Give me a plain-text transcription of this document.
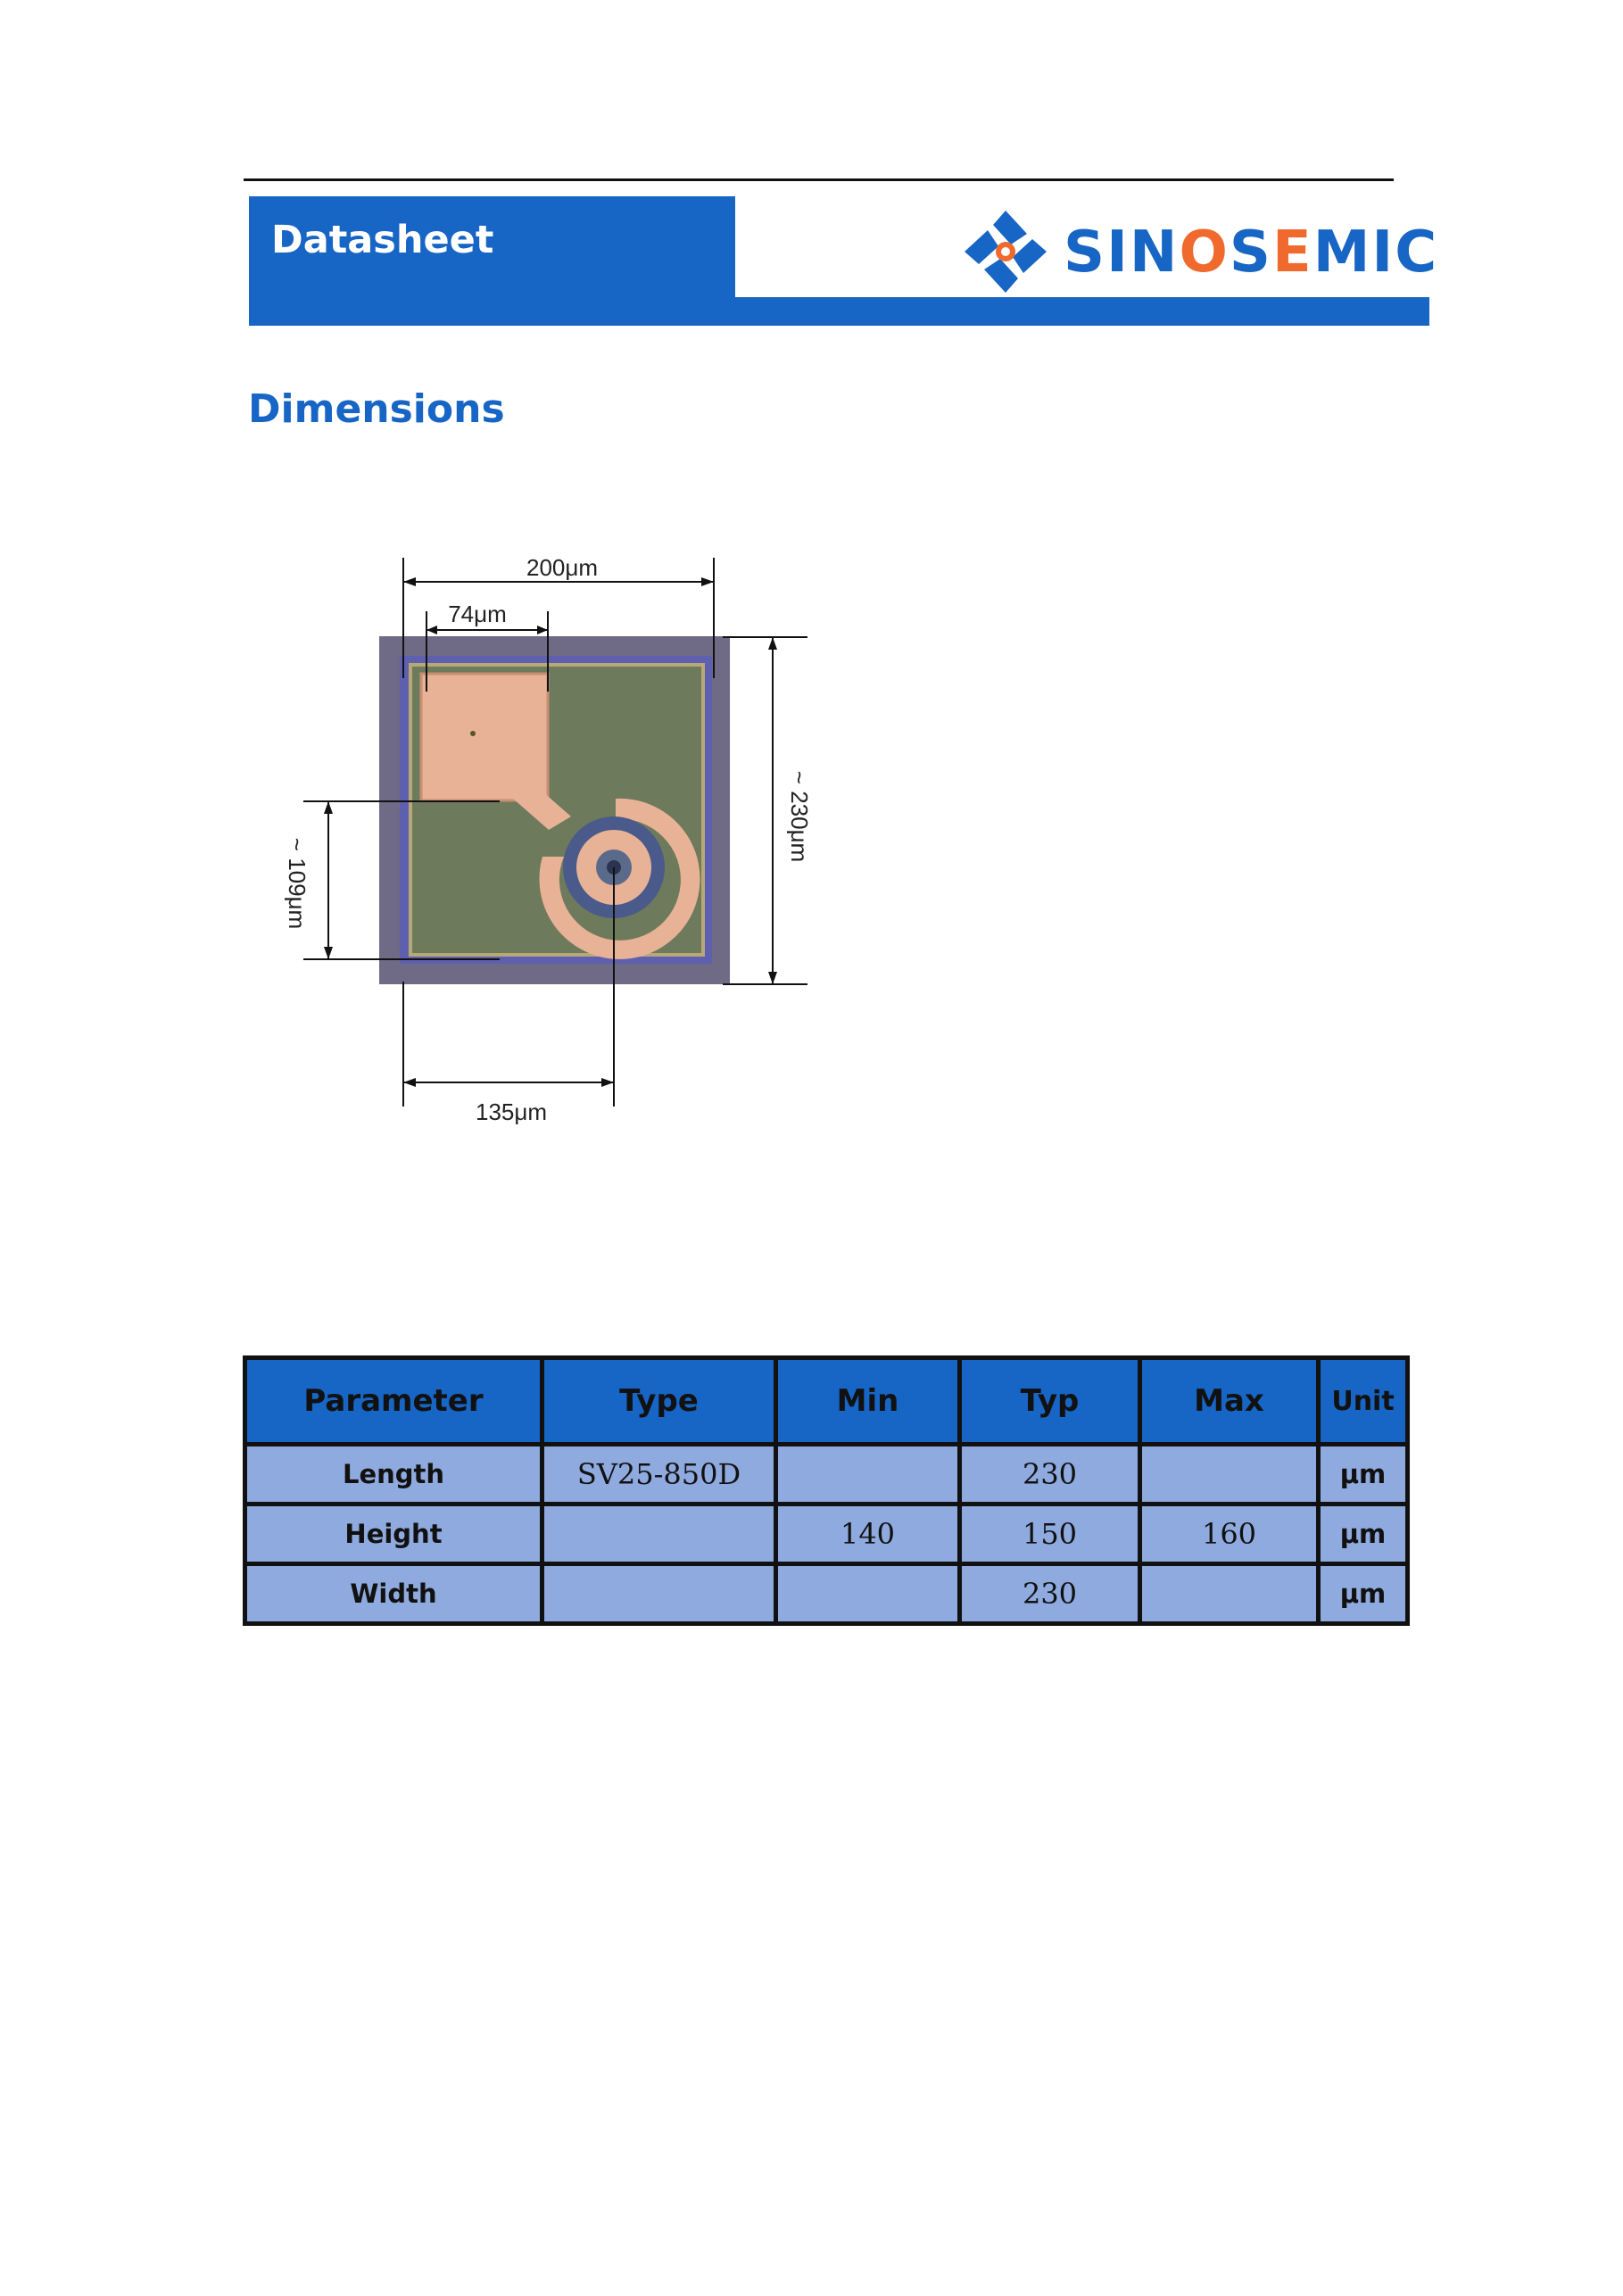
Datasheet	SINOSEMIC
Dimensions
200μm
74μm
~ 230μm
~ 109μm
135μm
Parameter	Type	Min	Typ	Max	Unit
Length	SV25-850D		230		μm
Height		140	150	160	μm
Width			230		μm
